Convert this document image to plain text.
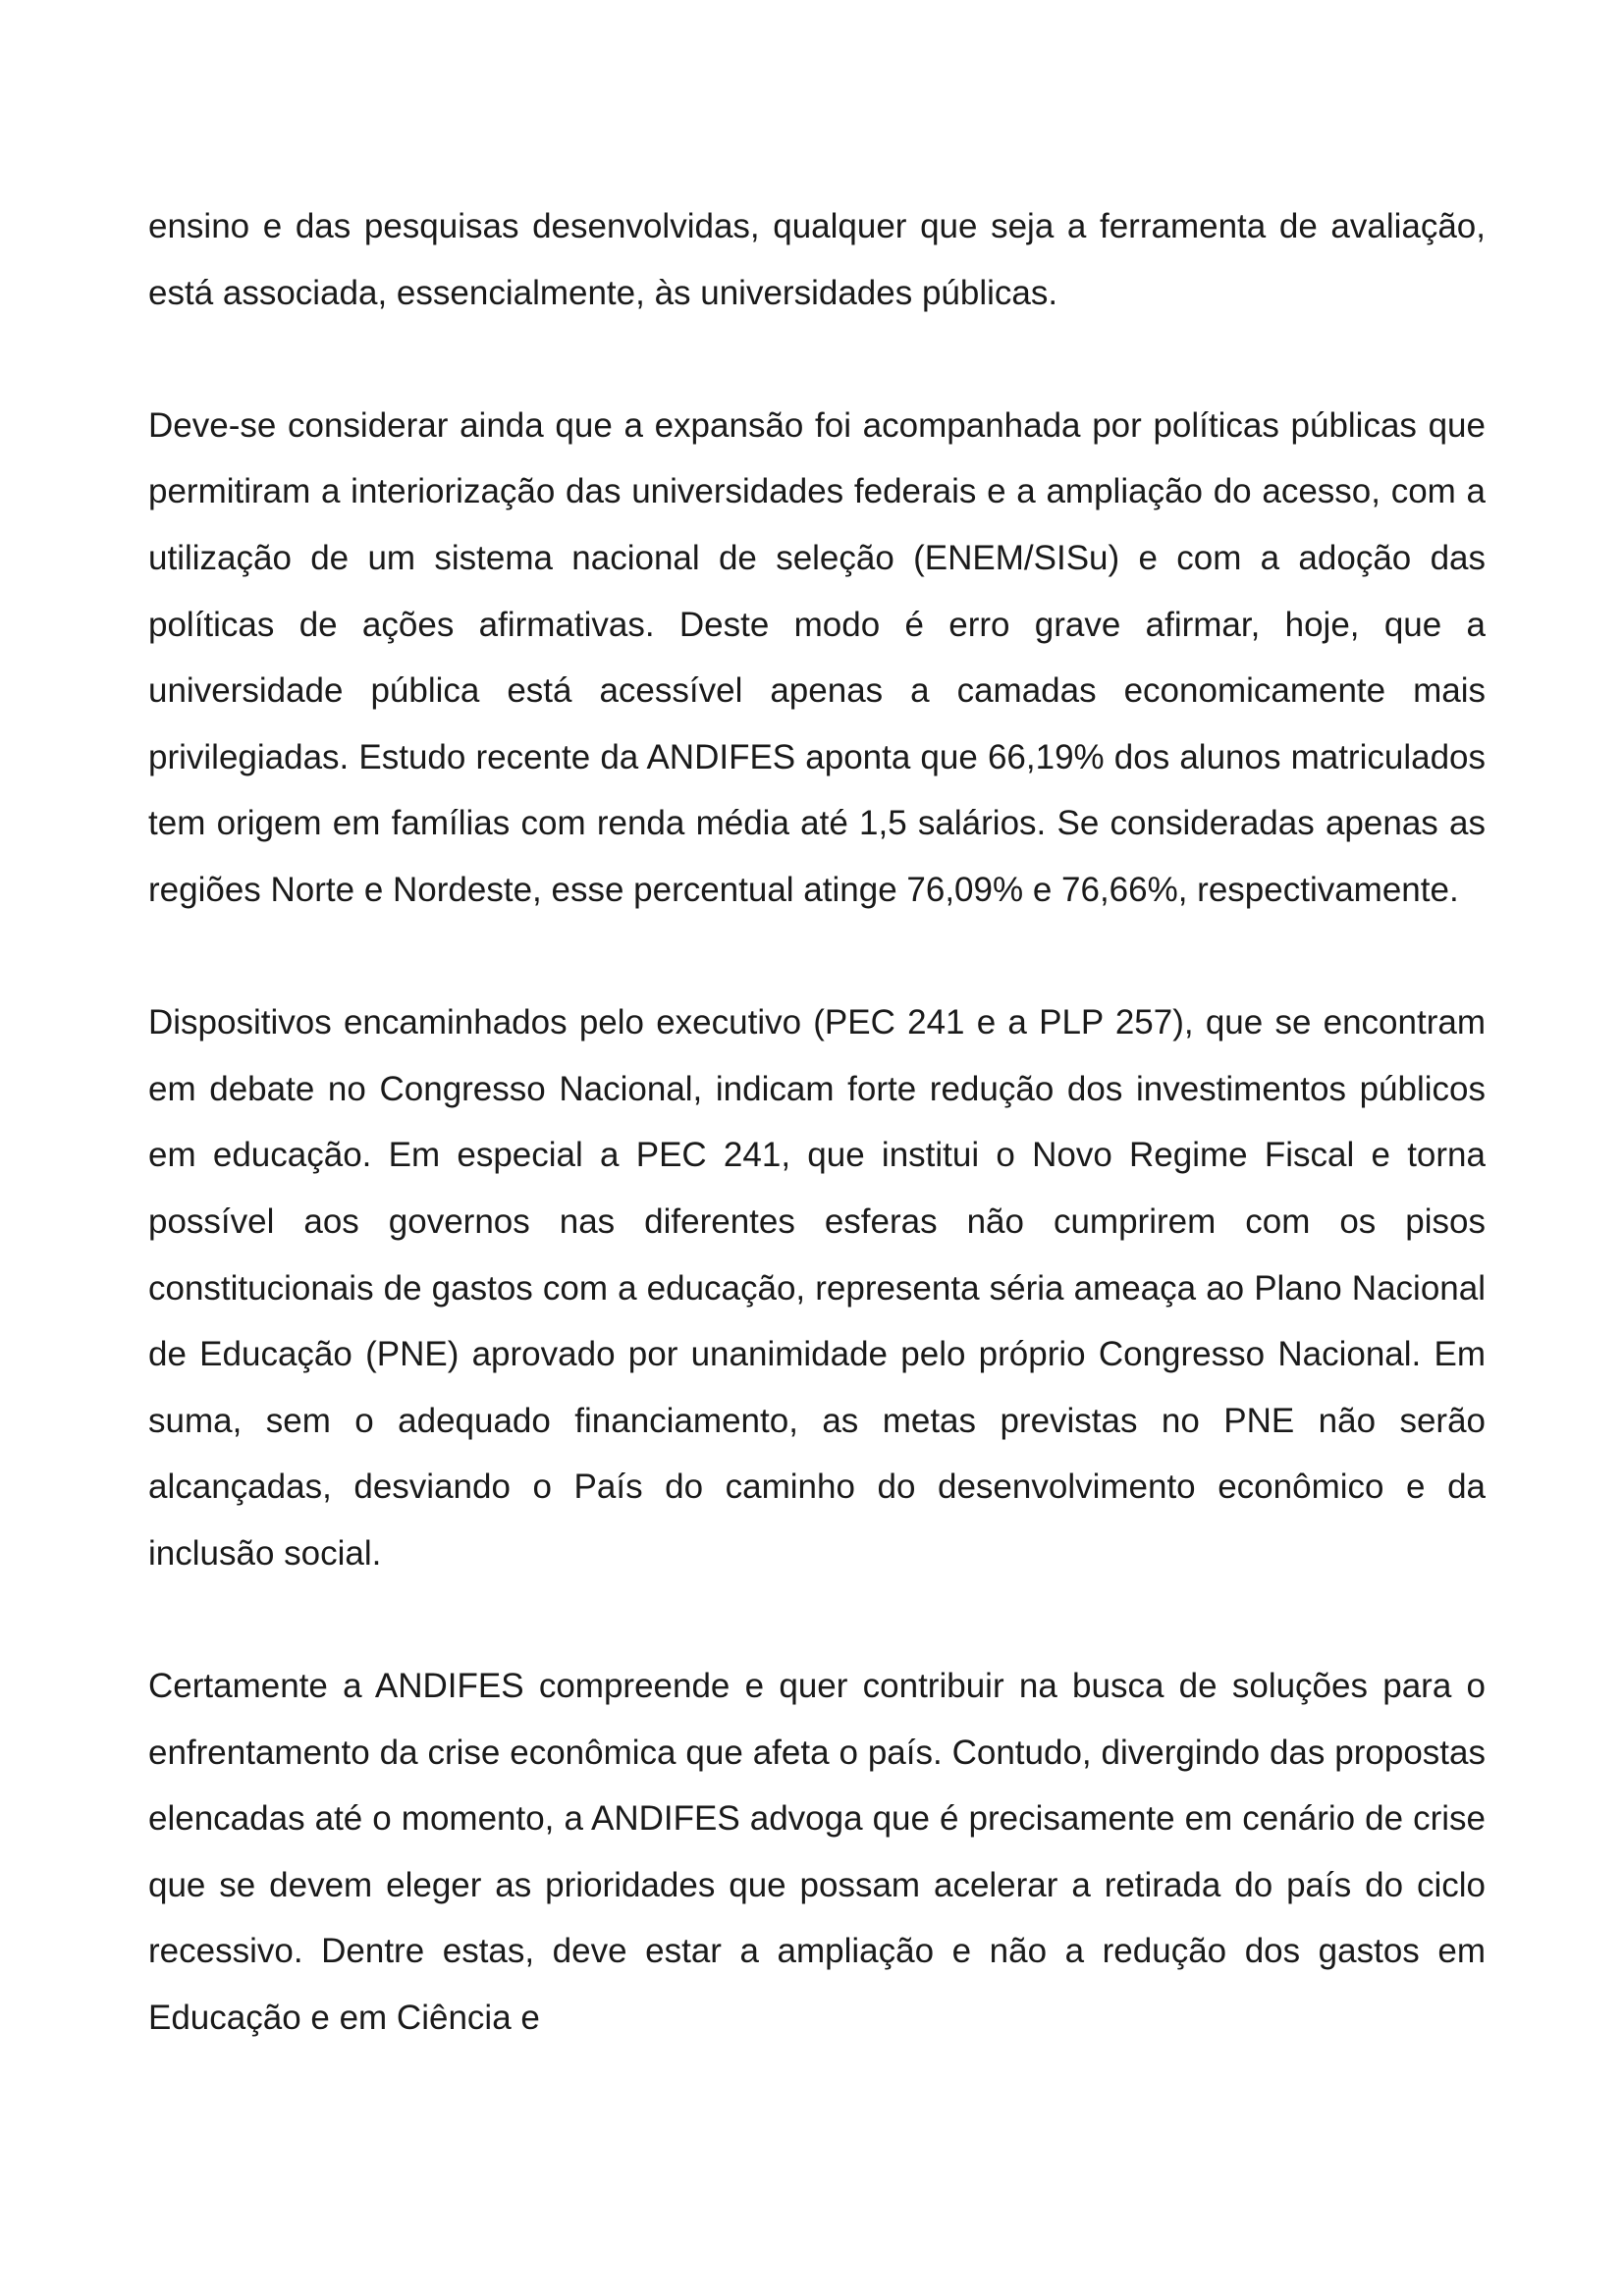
ensino e das pesquisas desenvolvidas, qualquer que seja a ferramenta de avaliação, está associada, essencialmente, às universidades públicas.

Deve-se considerar ainda que a expansão foi acompanhada por políticas públicas que permitiram a interiorização das universidades federais e a ampliação do acesso, com a utilização de um sistema nacional de seleção (ENEM/SISu) e com a adoção das políticas de ações afirmativas. Deste modo é erro grave afirmar, hoje, que a universidade pública está acessível apenas a camadas economicamente mais privilegiadas. Estudo recente da ANDIFES aponta que 66,19% dos alunos matriculados tem origem em famílias com renda média até 1,5 salários. Se consideradas apenas as regiões Norte e Nordeste, esse percentual atinge 76,09% e 76,66%, respectivamente.

Dispositivos encaminhados pelo executivo (PEC 241 e a PLP 257), que se encontram em debate no Congresso Nacional, indicam forte redução dos investimentos públicos em educação. Em especial a PEC 241, que institui o Novo Regime Fiscal e torna possível aos governos nas diferentes esferas não cumprirem com os pisos constitucionais de gastos com a educação, representa séria ameaça ao Plano Nacional de Educação (PNE) aprovado por unanimidade pelo próprio Congresso Nacional. Em suma, sem o adequado financiamento, as metas previstas no PNE não serão alcançadas, desviando o País do caminho do desenvolvimento econômico e da inclusão social.

Certamente a ANDIFES compreende e quer contribuir na busca de soluções para o enfrentamento da crise econômica que afeta o país. Contudo, divergindo das propostas elencadas até o momento, a ANDIFES advoga que é precisamente em cenário de crise que se devem eleger as prioridades que possam acelerar a retirada do país do ciclo recessivo. Dentre estas, deve estar a ampliação e não a redução dos gastos em Educação e em Ciência e
